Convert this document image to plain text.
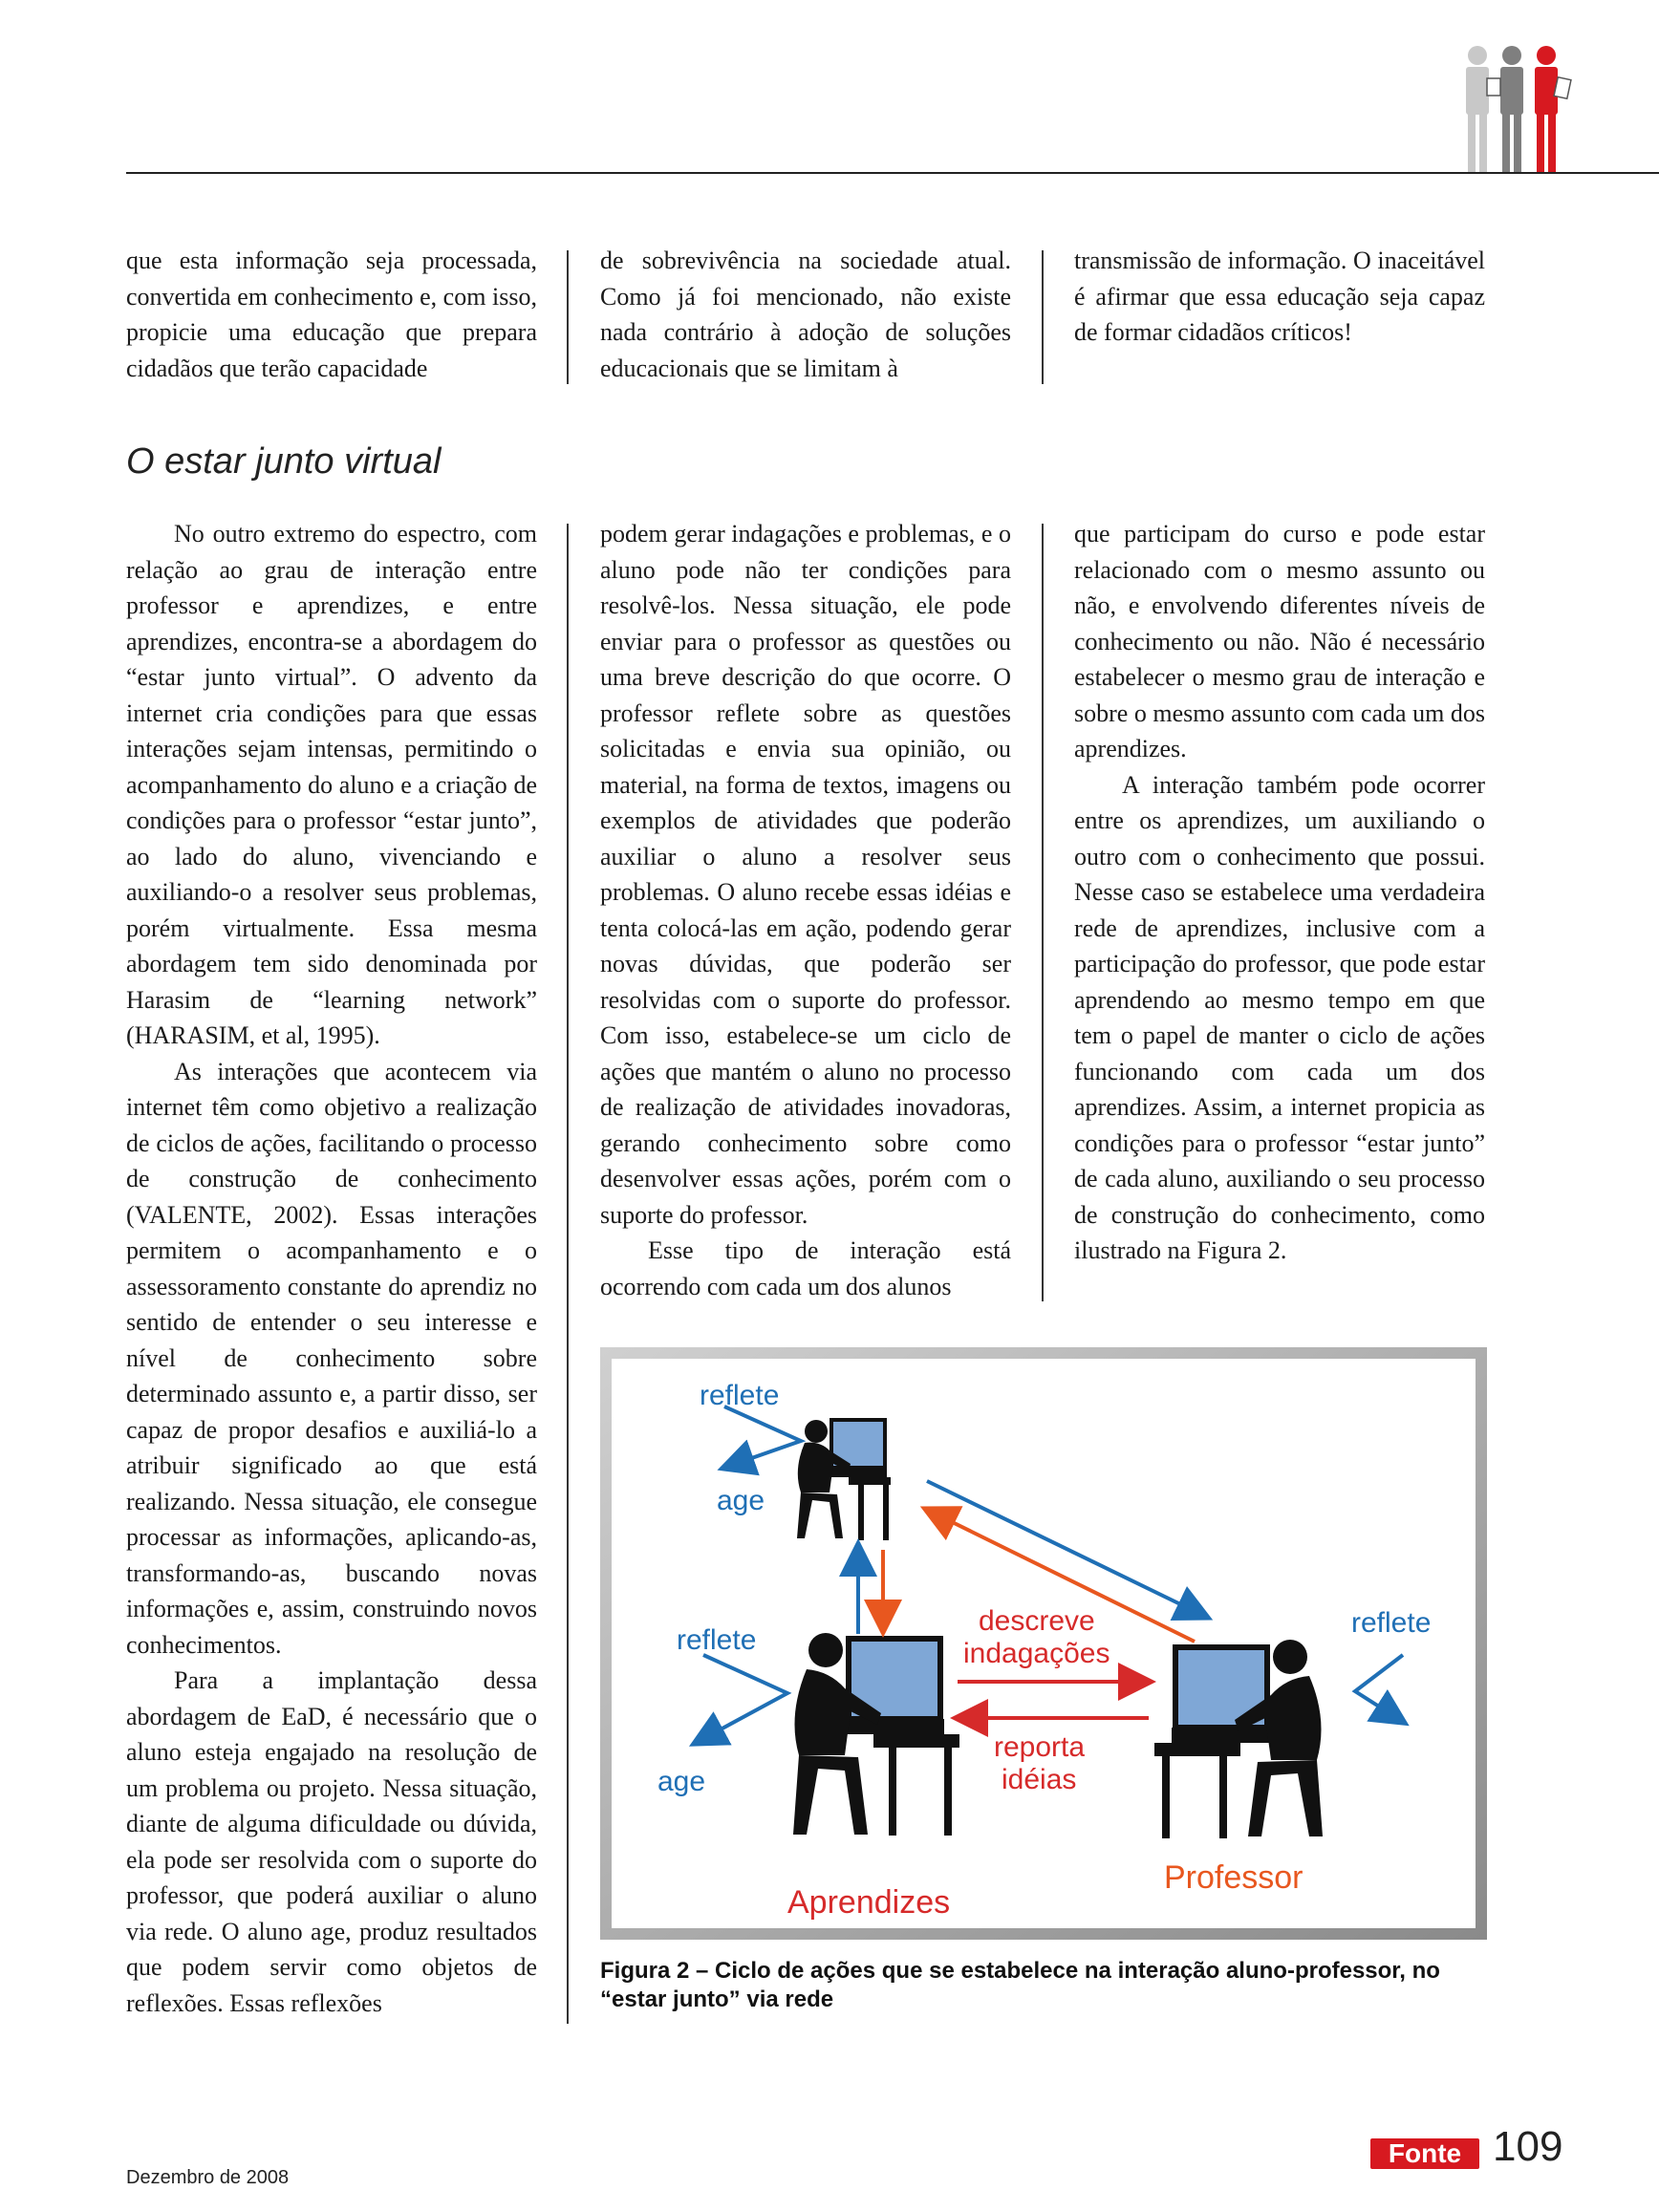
que esta informação seja processada, convertida em conhecimento e, com isso, propicie uma educação que prepara cidadãos que terão capacidade

de sobrevivência na sociedade atual. Como já foi mencionado, não existe nada contrário à adoção de soluções educacionais que se limitam à

transmissão de informação. O inaceitável é afirmar que essa educação seja capaz de formar cidadãos críticos!

O estar junto virtual

No outro extremo do espectro, com relação ao grau de interação entre professor e aprendizes, e entre aprendizes, encontra-se a abordagem do “estar junto virtual”. O advento da internet cria condições para que essas interações sejam intensas, permitindo o acompanhamento do aluno e a criação de condições para o professor “estar junto”, ao lado do aluno, vivenciando e auxiliando-o a resolver seus problemas, porém virtualmente. Essa mesma abordagem tem sido denominada por Harasim de “learning network” (HARASIM, et al, 1995).

As interações que acontecem via internet têm como objetivo a realização de ciclos de ações, facilitando o processo de construção de conhecimento (VALENTE, 2002). Essas interações permitem o acompanhamento e o assessoramento constante do aprendiz no sentido de entender o seu interesse e nível de conhecimento sobre determinado assunto e, a partir disso, ser capaz de propor desafios e auxiliá-lo a atribuir significado ao que está realizando. Nessa situação, ele consegue processar as informações, aplicando-as, transformando-as, buscando novas informações e, assim, construindo novos conhecimentos.

Para a implantação dessa abordagem de EaD, é necessário que o aluno esteja engajado na resolução de um problema ou projeto. Nessa situação, diante de alguma dificuldade ou dúvida, ela pode ser resolvida com o suporte do professor, que poderá auxiliar o aluno via rede. O aluno age, produz resultados que podem servir como objetos de reflexões. Essas reflexões

podem gerar indagações e problemas, e o aluno pode não ter condições para resolvê-los. Nessa situação, ele pode enviar para o professor as questões ou uma breve descrição do que ocorre. O professor reflete sobre as questões solicitadas e envia sua opinião, ou material, na forma de textos, imagens ou exemplos de atividades que poderão auxiliar o aluno a resolver seus problemas. O aluno recebe essas idéias e tenta colocá-las em ação, podendo gerar novas dúvidas, que poderão ser resolvidas com o suporte do professor. Com isso, estabelece-se um ciclo de ações que mantém o aluno no processo de realização de atividades inovadoras, gerando conhecimento sobre como desenvolver essas ações, porém com o suporte do professor.

Esse tipo de interação está ocorrendo com cada um dos alunos

que participam do curso e pode estar relacionado com o mesmo assunto ou não, e envolvendo diferentes níveis de conhecimento ou não. Não é necessário estabelecer o mesmo grau de interação e sobre o mesmo assunto com cada um dos aprendizes.

A interação também pode ocorrer entre os aprendizes, um auxiliando o outro com o conhecimento que possui. Nesse caso se estabelece uma verdadeira rede de aprendizes, inclusive com a participação do professor, que pode estar aprendendo ao mesmo tempo em que tem o papel de manter o ciclo de ações funcionando com cada um dos aprendizes. Assim, a internet propicia as condições para o professor “estar junto” de cada aluno, auxiliando o seu processo de construção do conhecimento, como ilustrado na Figura 2.

reflete
age
reflete
age
reflete
descreve
indagações
reporta
idéias
Aprendizes
Professor
Figura 2 – Ciclo de ações que se estabelece na interação aluno-professor, no “estar junto” via rede
Dezembro de 2008
Fonte 109
